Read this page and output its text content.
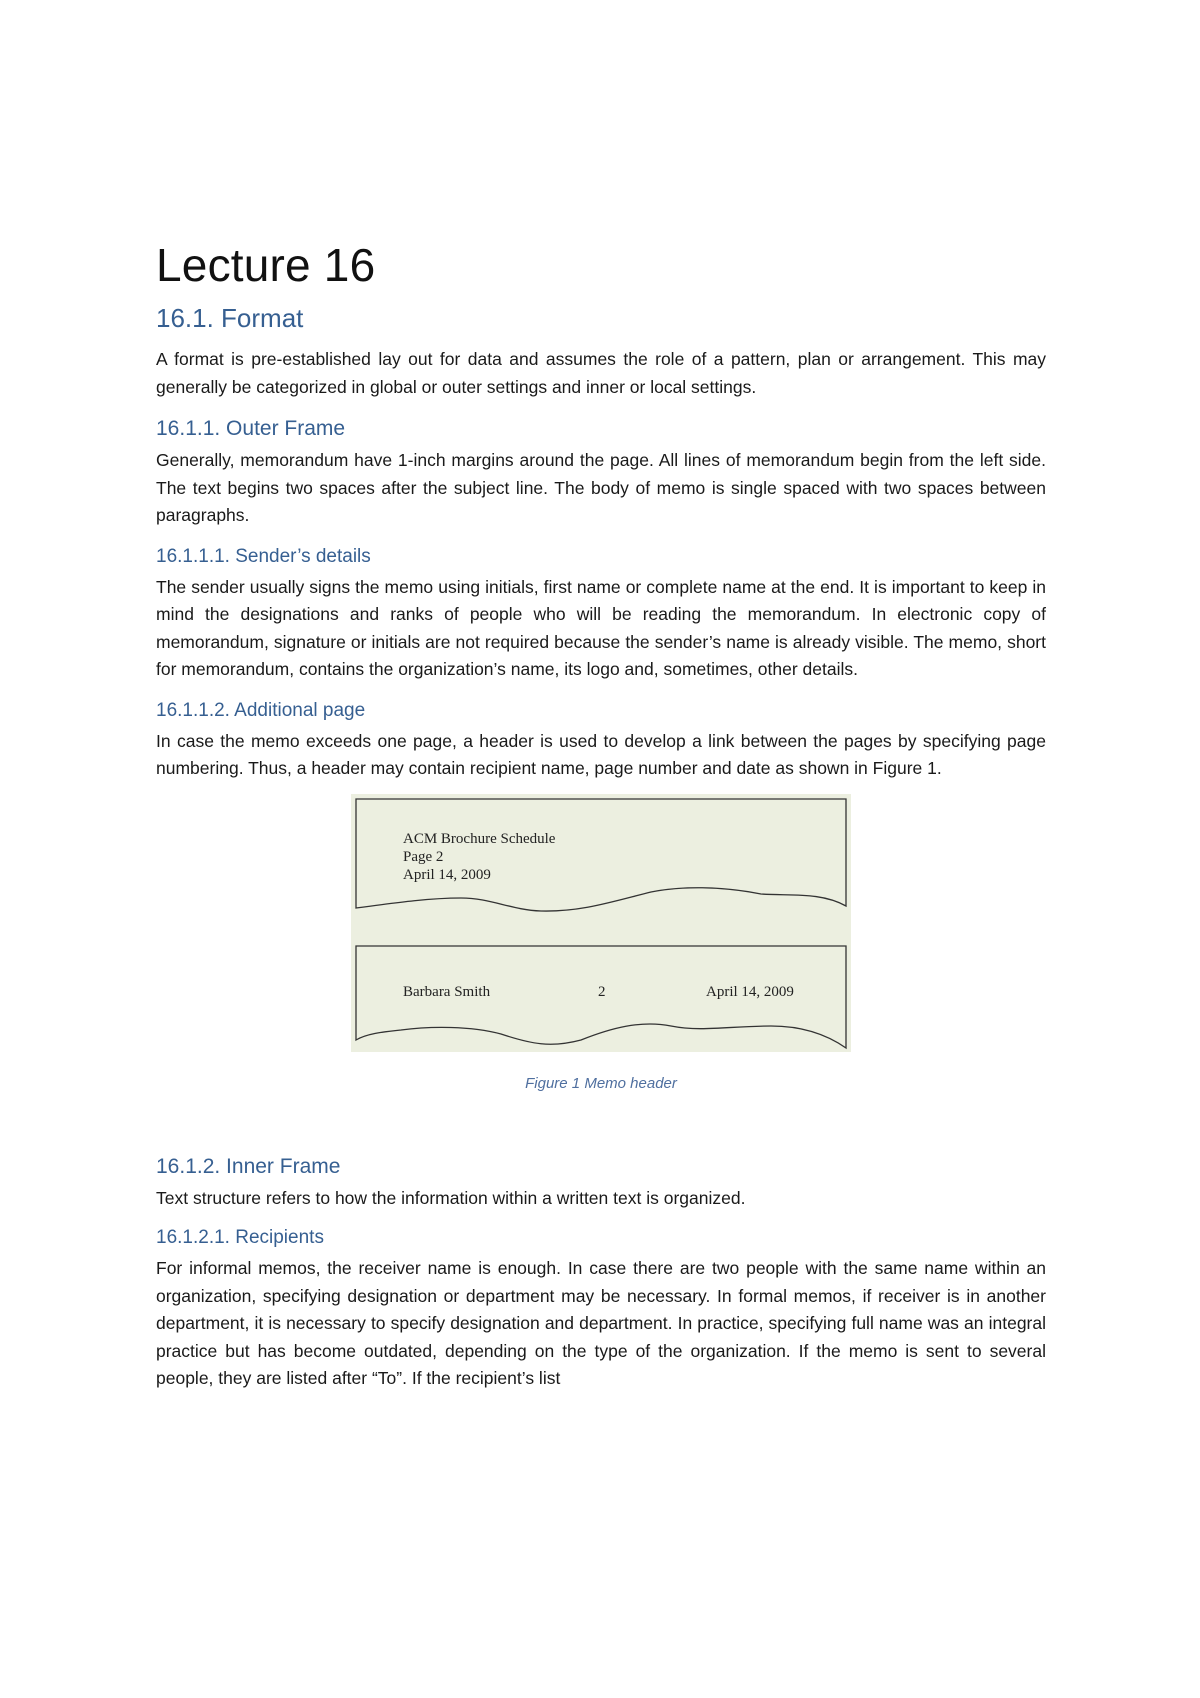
Lecture 16
16.1. Format

A format is pre-established lay out for data and assumes the role of a pattern, plan or arrangement. This may generally be categorized in global or outer settings and inner or local settings.

16.1.1. Outer Frame

Generally, memorandum have 1-inch margins around the page. All lines of memorandum begin from the left side. The text begins two spaces after the subject line. The body of memo is single spaced with two spaces between paragraphs.

16.1.1.1. Sender’s details

The sender usually signs the memo using initials, first name or complete name at the end. It is important to keep in mind the designations and ranks of people who will be reading the memorandum. In electronic copy of memorandum, signature or initials are not required because the sender’s name is already visible. The memo, short for memorandum, contains the organization’s name, its logo and, sometimes, other details.

16.1.1.2. Additional page

In case the memo exceeds one page, a header is used to develop a link between the pages by specifying page numbering. Thus, a header may contain recipient name, page number and date as shown in Figure 1.

ACM Brochure Schedule
Page 2
April 14, 2009
Barbara Smith	2	April 14, 2009
Figure 1 Memo header
16.1.2. Inner Frame

Text structure refers to how the information within a written text is organized.

16.1.2.1. Recipients

For informal memos, the receiver name is enough. In case there are two people with the same name within an organization, specifying designation or department may be necessary. In formal memos, if receiver is in another department, it is necessary to specify designation and department. In practice, specifying full name was an integral practice but has become outdated, depending on the type of the organization. If the memo is sent to several people, they are listed after “To”. If the recipient’s list
